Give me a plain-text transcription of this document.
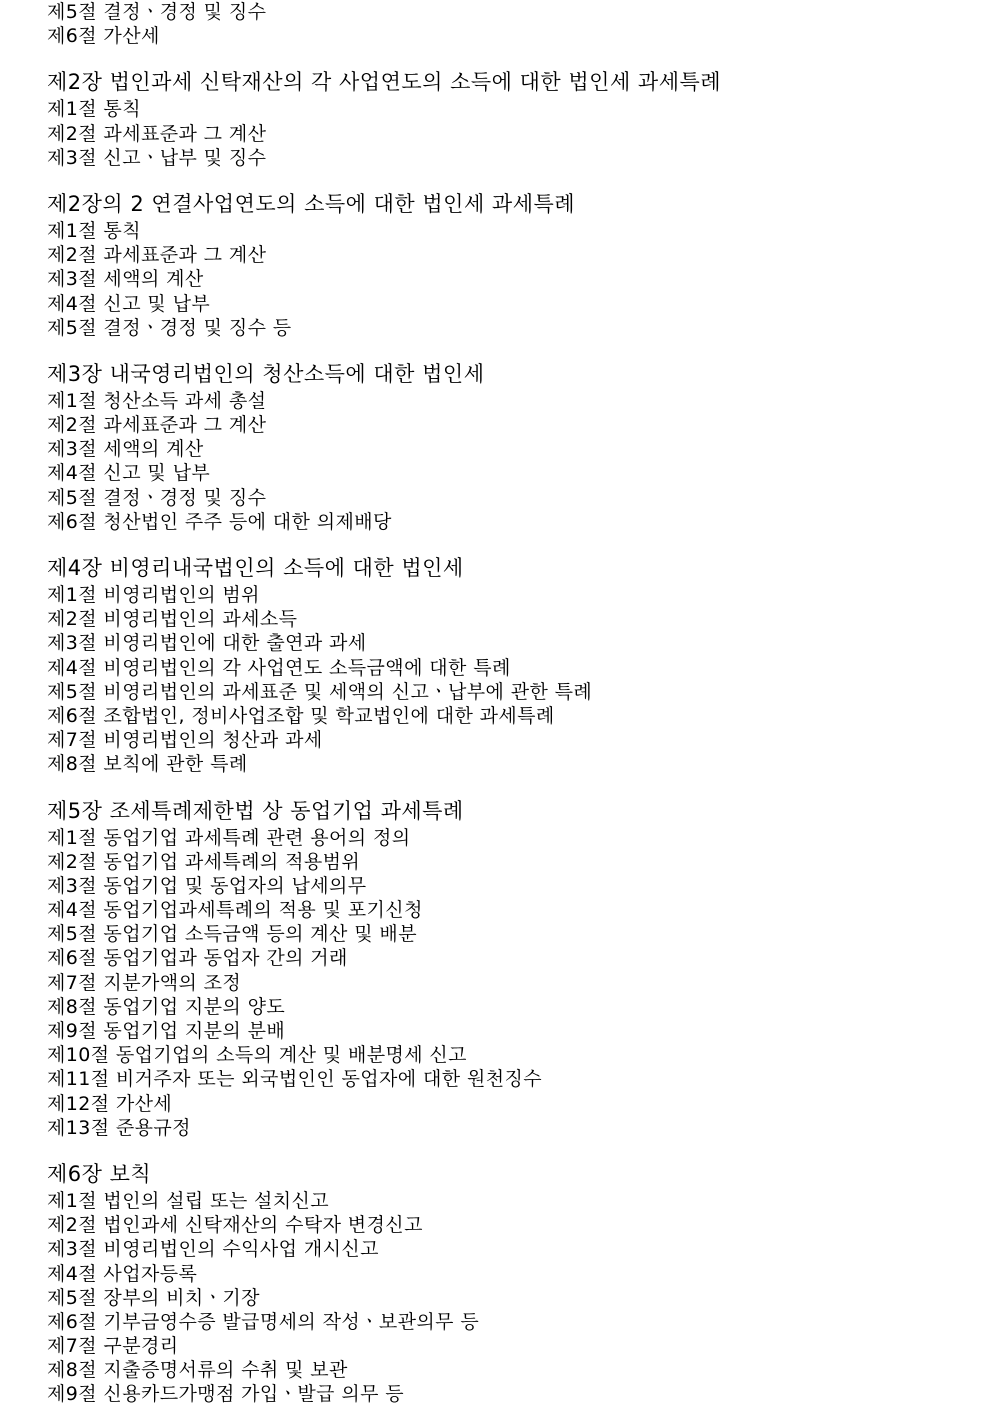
제5절 결정ㆍ경정 및 징수
제6절 가산세
제2장 법인과세 신탁재산의 각 사업연도의 소득에 대한 법인세 과세특례
제1절 통칙
제2절 과세표준과 그 계산
제3절 신고ㆍ납부 및 징수
제2장의 2 연결사업연도의 소득에 대한 법인세 과세특례
제1절 통칙
제2절 과세표준과 그 계산
제3절 세액의 계산
제4절 신고 및 납부
제5절 결정ㆍ경정 및 징수 등
제3장 내국영리법인의 청산소득에 대한 법인세
제1절 청산소득 과세 총설
제2절 과세표준과 그 계산
제3절 세액의 계산
제4절 신고 및 납부
제5절 결정ㆍ경정 및 징수
제6절 청산법인 주주 등에 대한 의제배당
제4장 비영리내국법인의 소득에 대한 법인세
제1절 비영리법인의 범위
제2절 비영리법인의 과세소득
제3절 비영리법인에 대한 출연과 과세
제4절 비영리법인의 각 사업연도 소득금액에 대한 특례
제5절 비영리법인의 과세표준 및 세액의 신고ㆍ납부에 관한 특례
제6절 조합법인, 정비사업조합 및 학교법인에 대한 과세특례
제7절 비영리법인의 청산과 과세
제8절 보칙에 관한 특례
제5장 조세특례제한법 상 동업기업 과세특례
제1절 동업기업 과세특례 관련 용어의 정의
제2절 동업기업 과세특례의 적용범위
제3절 동업기업 및 동업자의 납세의무
제4절 동업기업과세특례의 적용 및 포기신청
제5절 동업기업 소득금액 등의 계산 및 배분
제6절 동업기업과 동업자 간의 거래
제7절 지분가액의 조정
제8절 동업기업 지분의 양도
제9절 동업기업 지분의 분배
제10절 동업기업의 소득의 계산 및 배분명세 신고
제11절 비거주자 또는 외국법인인 동업자에 대한 원천징수
제12절 가산세
제13절 준용규정
제6장 보칙
제1절 법인의 설립 또는 설치신고
제2절 법인과세 신탁재산의 수탁자 변경신고
제3절 비영리법인의 수익사업 개시신고
제4절 사업자등록
제5절 장부의 비치ㆍ기장
제6절 기부금영수증 발급명세의 작성ㆍ보관의무 등
제7절 구분경리
제8절 지출증명서류의 수취 및 보관
제9절 신용카드가맹점 가입ㆍ발급 의무 등
